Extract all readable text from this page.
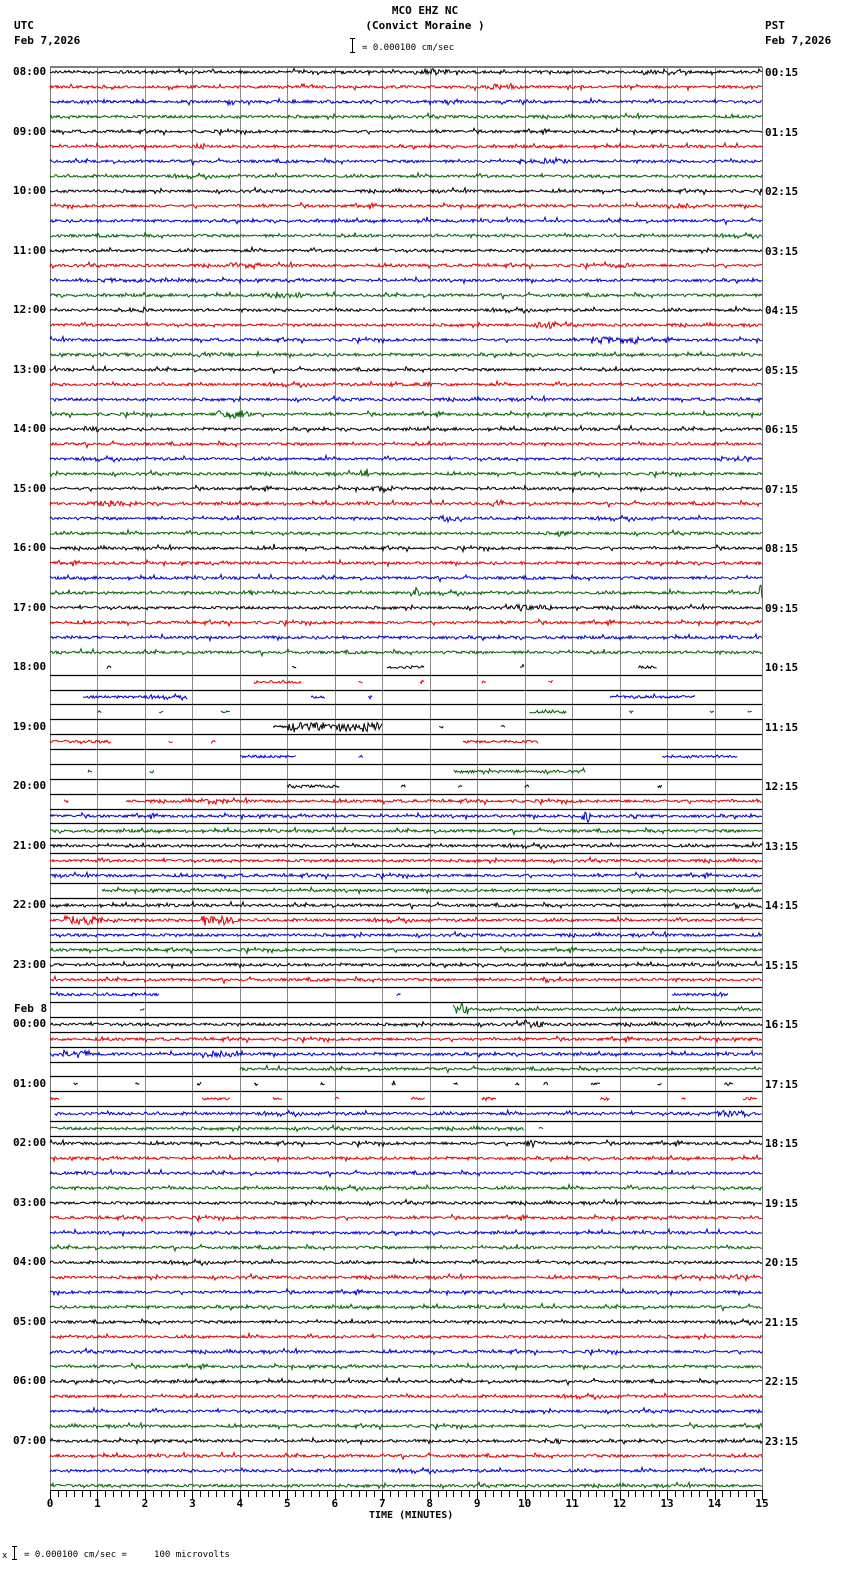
MCO EHZ NC
(Convict Moraine )
UTC
Feb 7,2026
PST
Feb 7,2026
= 0.000100 cm/sec
08:00
09:00
10:00
11:00
12:00
13:00
14:00
15:00
16:00
17:00
18:00
19:00
20:00
21:00
22:00
23:00
Feb 8
00:00
01:00
02:00
03:00
04:00
05:00
06:00
07:00
00:15
01:15
02:15
03:15
04:15
05:15
06:15
07:15
08:15
09:15
10:15
11:15
12:15
13:15
14:15
15:15
16:15
17:15
18:15
19:15
20:15
21:15
22:15
23:15
0	1	2	3	4	5	6	7	8	9	10	11	12	13	14	15
TIME (MINUTES)
x = 0.000100 cm/sec =     100 microvolts
